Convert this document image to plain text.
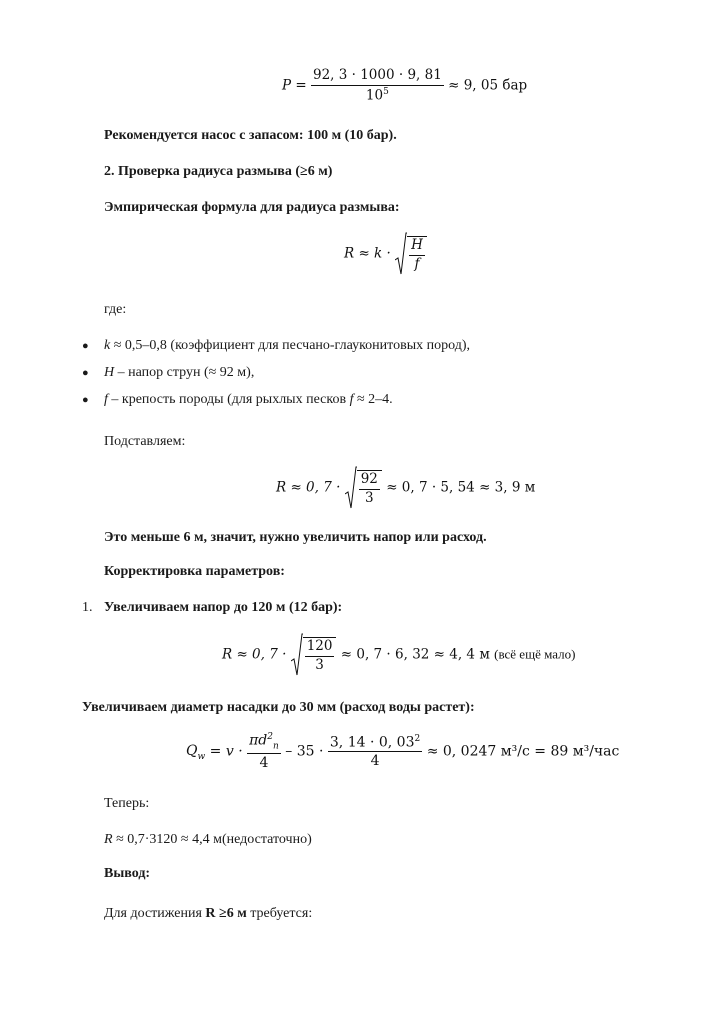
$P = \frac{92, 3 \cdot 1000 \cdot 9, 81}{10^5} \approx 9$, 05 бар
Рекомендуется насос с запасом: 100 м (10 бар).
2. Проверка радиуса размыва (≥6 м)
Эмпирическая формула для радиуса размыва:
$R \approx k \cdot \frac{H}{f}$
где:
● k ≈ 0,5–0,8 (коэффициент для песчано-глауконитовых пород),
● H – напор струн (≈ 92 м),
● f – крепость породы (для рыхлых песков f ≈ 2–4.
Подставляем:
R ≈ 0, $7 \cdot \frac{92}{3} \approx 0$, 7 · 5, 54 ≈ 3, 9 м
Это меньше 6 м, значит, нужно увеличить напор или расход.
Корректировка параметров:
1. Увеличиваем напор до 120 м (12 бар):
R ≈ 0, $7 \cdot \frac{120}{3} \approx 0$, 7 · 6, 32 ≈ 4, 4 м (всё ещё мало)
Увеличиваем диаметр насадки до 30 мм (расход воды растет):
$Q_w = v \cdot \frac{\pi d^2_n}{4} - 35 \cdot \frac{3, 14 \cdot 0, 03^2}{4} \approx 0$, 0247 м³/с = 89 м³/час
Теперь:
R ≈ 0,7·3120 ≈ 4,4 м(недостаточно)
Вывод:
Для достижения R ≥6 м требуется:
